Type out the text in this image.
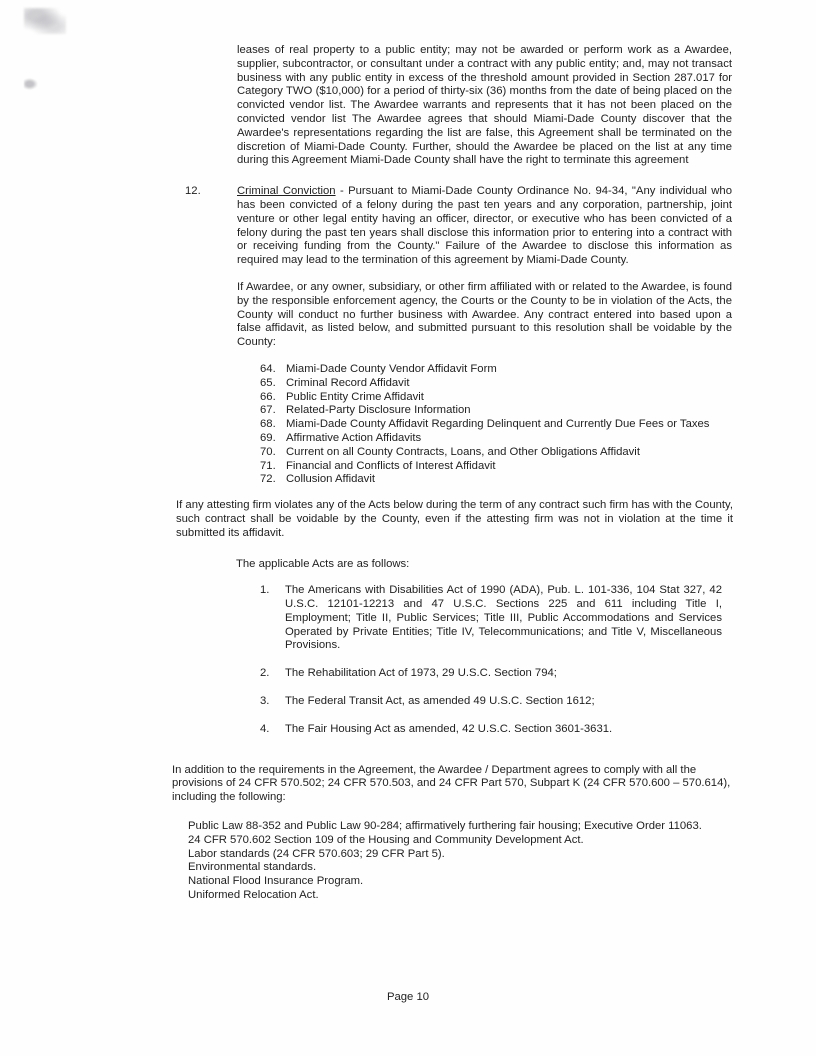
leases of real property to a public entity; may not be awarded or perform work as a Awardee, supplier, subcontractor, or consultant under a contract with any public entity; and, may not transact business with any public entity in excess of the threshold amount provided in Section 287.017 for Category TWO ($10,000) for a period of thirty-six (36) months from the date of being placed on the convicted vendor list. The Awardee warrants and represents that it has not been placed on the convicted vendor list The Awardee agrees that should Miami-Dade County discover that the Awardee's representations regarding the list are false, this Agreement shall be terminated on the discretion of Miami-Dade County. Further, should the Awardee be placed on the list at any time during this Agreement Miami-Dade County shall have the right to terminate this agreement
12.	Criminal Conviction - Pursuant to Miami-Dade County Ordinance No. 94-34, "Any individual who has been convicted of a felony during the past ten years and any corporation, partnership, joint venture or other legal entity having an officer, director, or executive who has been convicted of a felony during the past ten years shall disclose this information prior to entering into a contract with or receiving funding from the County." Failure of the Awardee to disclose this information as required may lead to the termination of this agreement by Miami-Dade County.
If Awardee, or any owner, subsidiary, or other firm affiliated with or related to the Awardee, is found by the responsible enforcement agency, the Courts or the County to be in violation of the Acts, the County will conduct no further business with Awardee. Any contract entered into based upon a false affidavit, as listed below, and submitted pursuant to this resolution shall be voidable by the County:
64. Miami-Dade County Vendor Affidavit Form
65. Criminal Record Affidavit
66. Public Entity Crime Affidavit
67. Related-Party Disclosure Information
68. Miami-Dade County Affidavit Regarding Delinquent and Currently Due Fees or Taxes
69. Affirmative Action Affidavits
70. Current on all County Contracts, Loans, and Other Obligations Affidavit
71. Financial and Conflicts of Interest Affidavit
72. Collusion Affidavit
If any attesting firm violates any of the Acts below during the term of any contract such firm has with the County, such contract shall be voidable by the County, even if the attesting firm was not in violation at the time it submitted its affidavit.
The applicable Acts are as follows:
1.	The Americans with Disabilities Act of 1990 (ADA), Pub. L. 101-336, 104 Stat 327, 42 U.S.C. 12101-12213 and 47 U.S.C. Sections 225 and 611 including Title I, Employment; Title II, Public Services; Title III, Public Accommodations and Services Operated by Private Entities; Title IV, Telecommunications; and Title V, Miscellaneous Provisions.
2.	The Rehabilitation Act of 1973, 29 U.S.C. Section 794;
3.	The Federal Transit Act, as amended 49 U.S.C. Section 1612;
4.	The Fair Housing Act as amended, 42 U.S.C. Section 3601-3631.
In addition to the requirements in the Agreement, the Awardee / Department agrees to comply with all the provisions of 24 CFR 570.502; 24 CFR 570.503, and 24 CFR Part 570, Subpart K (24 CFR 570.600 – 570.614), including the following:
Public Law 88-352 and Public Law 90-284; affirmatively furthering fair housing; Executive Order 11063.
24 CFR 570.602 Section 109 of the Housing and Community Development Act.
Labor standards (24 CFR 570.603; 29 CFR Part 5).
Environmental standards.
National Flood Insurance Program.
Uniformed Relocation Act.
Page 10
